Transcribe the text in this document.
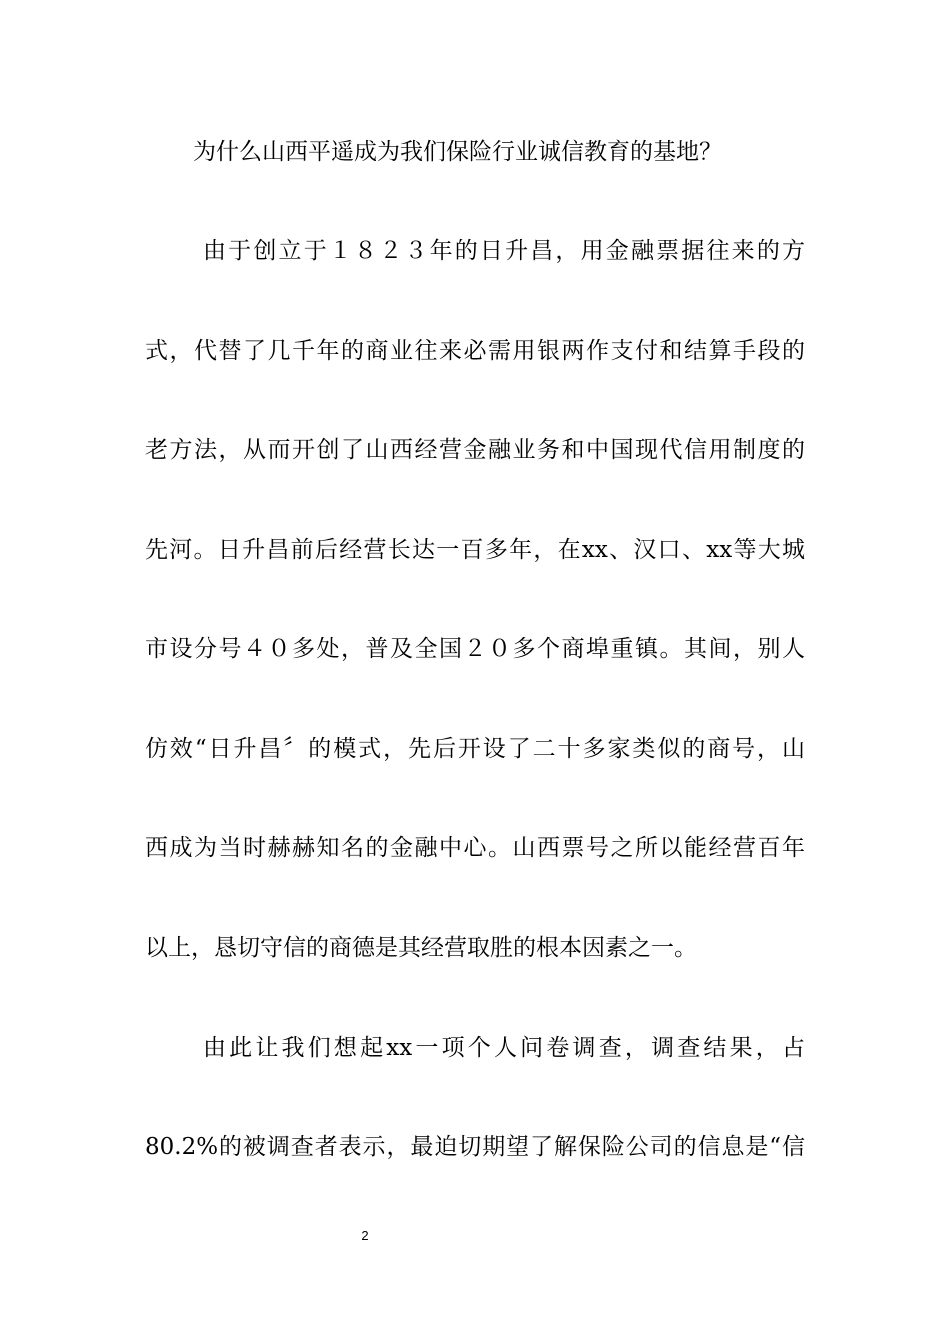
为什么山西平遥成为我们保险行业诚信教育的基地？
由于创立于１８２３年的日升昌，用金融票据往来的方
式，代替了几千年的商业往来必需用银两作支付和结算手段的
老方法，从而开创了山西经营金融业务和中国现代信用制度的
先河。日升昌前后经营长达一百多年，在xx、汉口、xx等大城
市设分号４０多处，普及全国２０多个商埠重镇。其间，别人
仿效“日升昌〞的模式，先后开设了二十多家类似的商号，山
西成为当时赫赫知名的金融中心。山西票号之所以能经营百年
以上，恳切守信的商德是其经营取胜的根本因素之一。
由此让我们想起xx一项个人问卷调查，调查结果，占
80.2%的被调查者表示，最迫切期望了解保险公司的信息是“信
2
